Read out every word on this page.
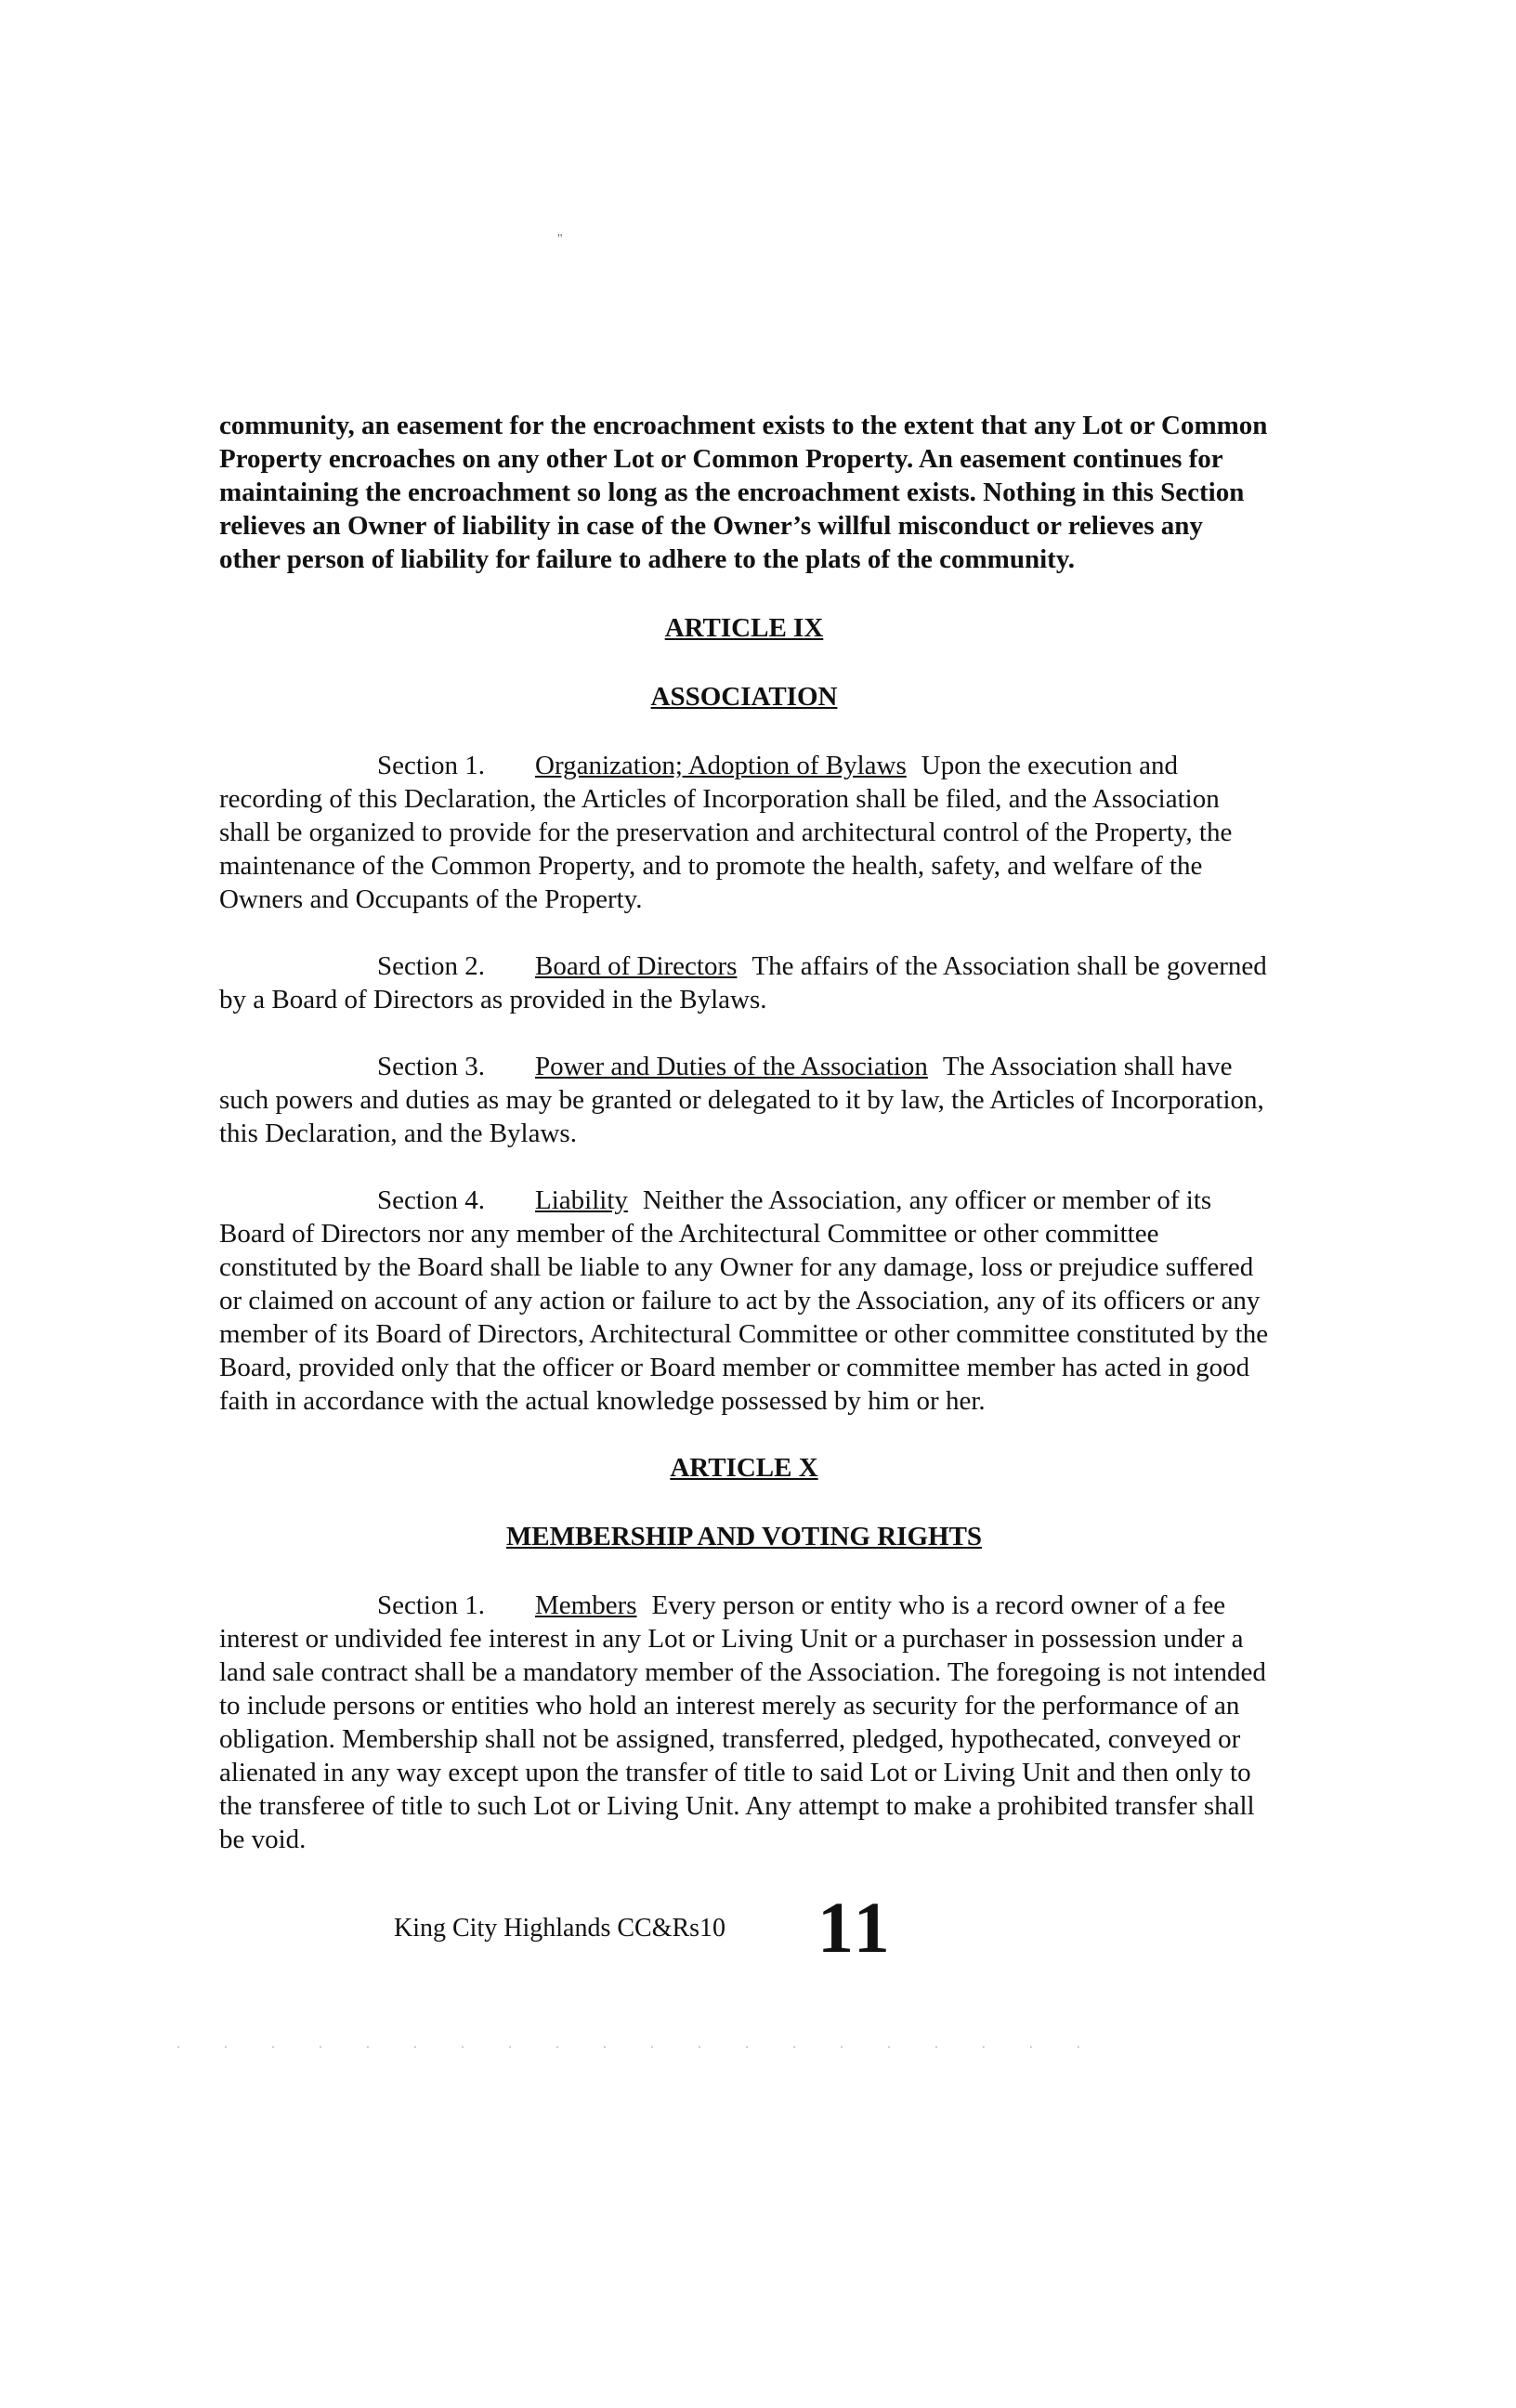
"

community, an easement for the encroachment exists to the extent that any Lot or Common Property encroaches on any other Lot or Common Property. An easement continues for maintaining the encroachment so long as the encroachment exists. Nothing in this Section relieves an Owner of liability in case of the Owner’s willful misconduct or relieves any other person of liability for failure to adhere to the plats of the community.

ARTICLE IX
ASSOCIATION

Section 1. Organization; Adoption of Bylaws Upon the execution and recording of this Declaration, the Articles of Incorporation shall be filed, and the Association shall be organized to provide for the preservation and architectural control of the Property, the maintenance of the Common Property, and to promote the health, safety, and welfare of the Owners and Occupants of the Property.

Section 2. Board of Directors The affairs of the Association shall be governed by a Board of Directors as provided in the Bylaws.

Section 3. Power and Duties of the Association The Association shall have such powers and duties as may be granted or delegated to it by law, the Articles of Incorporation, this Declaration, and the Bylaws.

Section 4. Liability Neither the Association, any officer or member of its Board of Directors nor any member of the Architectural Committee or other committee constituted by the Board shall be liable to any Owner for any damage, loss or prejudice suffered or claimed on account of any action or failure to act by the Association, any of its officers or any member of its Board of Directors, Architectural Committee or other committee constituted by the Board, provided only that the officer or Board member or committee member has acted in good faith in accordance with the actual knowledge possessed by him or her.

ARTICLE X
MEMBERSHIP AND VOTING RIGHTS

Section 1. Members Every person or entity who is a record owner of a fee interest or undivided fee interest in any Lot or Living Unit or a purchaser in possession under a land sale contract shall be a mandatory member of the Association. The foregoing is not intended to include persons or entities who hold an interest merely as security for the performance of an obligation. Membership shall not be assigned, transferred, pledged, hypothecated, conveyed or alienated in any way except upon the transfer of title to said Lot or Living Unit and then only to the transferee of title to such Lot or Living Unit. Any attempt to make a prohibited transfer shall be void.

King City Highlands CC&Rs10 11
· · · · · · · · · · · · · · · · · · · ·
